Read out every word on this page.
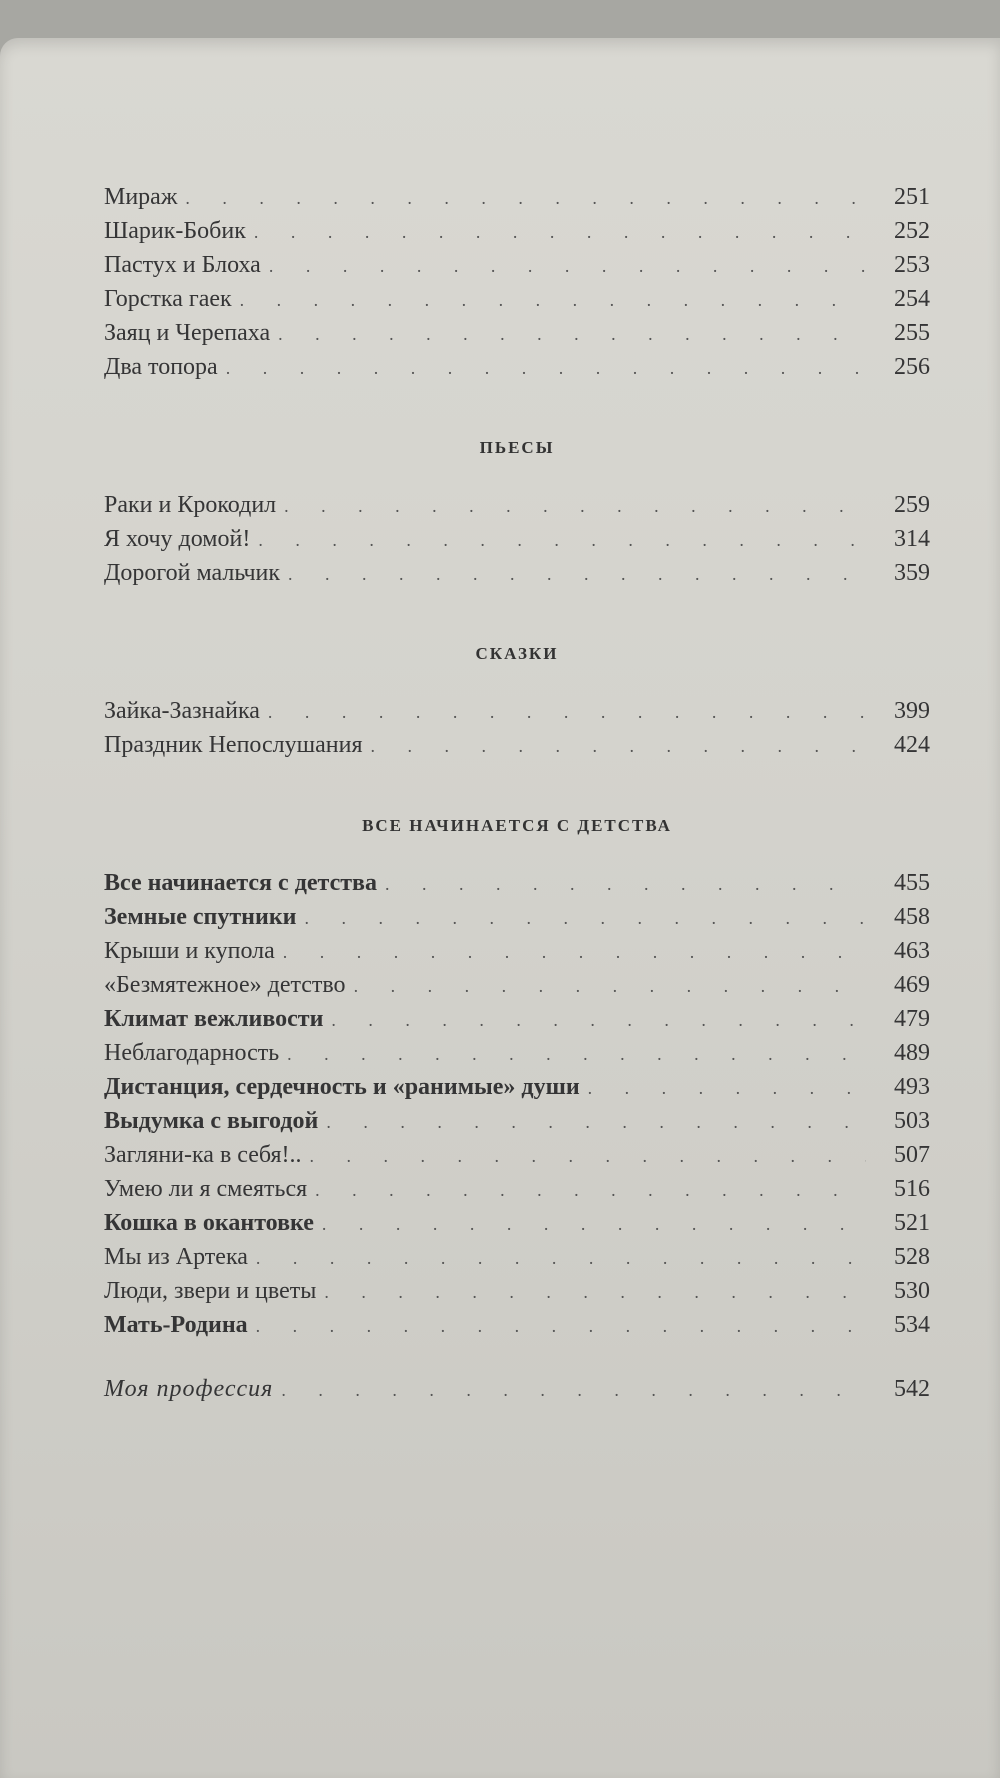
Мираж . . .	251
Шарик-Бобик . . .	252
Пастух и Блоха . . .	253
Горстка гаек . . .	254
Заяц и Черепаха . . .	255
Два топора . . .	256
ПЬЕСЫ
Раки и Крокодил . . .	259
Я хочу домой! . . .	314
Дорогой мальчик . . .	359
СКАЗКИ
Зайка-Зазнайка . . .	399
Праздник Непослушания . . .	424
ВСЕ НАЧИНАЕТСЯ С ДЕТСТВА
Все начинается с детства . . .	455
Земные спутники . . .	458
Крыши и купола . . .	463
«Безмятежное» детство . . .	469
Климат вежливости . . .	479
Неблагодарность . . .	489
Дистанция, сердечность и «ранимые» души . . .	493
Выдумка с выгодой . . .	503
Загляни-ка в себя!.. . . .	507
Умею ли я смеяться . . .	516
Кошка в окантовке . . .	521
Мы из Артека . . .	528
Люди, звери и цветы . . .	530
Мать-Родина . . .	534
Моя профессия . . .	542
